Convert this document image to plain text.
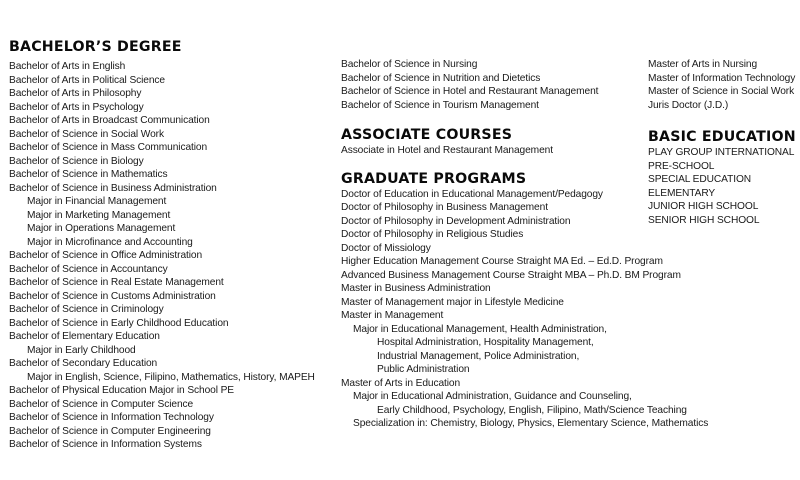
BACHELOR’S DEGREE
Bachelor of Arts in English
Bachelor of Arts in Political Science
Bachelor of Arts in Philosophy
Bachelor of Arts in Psychology
Bachelor of Arts in Broadcast Communication
Bachelor of Science in Social Work
Bachelor of Science in Mass Communication
Bachelor of Science in Biology
Bachelor of Science in Mathematics
Bachelor of Science in Business Administration
Major in Financial Management
Major in Marketing Management
Major in Operations Management
Major in Microfinance and Accounting
Bachelor of Science in Office Administration
Bachelor of Science in Accountancy
Bachelor of Science in Real Estate Management
Bachelor of Science in Customs Administration
Bachelor of Science in Criminology
Bachelor of Science in Early Childhood Education
Bachelor of Elementary Education
Major in Early Childhood
Bachelor of Secondary Education
Major in English, Science, Filipino, Mathematics, History, MAPEH
Bachelor of Physical Education Major in School PE
Bachelor of Science in Computer Science
Bachelor of Science in Information Technology
Bachelor of Science in Computer Engineering
Bachelor of Science in Information Systems
Bachelor of Science in Nursing
Bachelor of Science in Nutrition and Dietetics
Bachelor of Science in Hotel and Restaurant Management
Bachelor of Science in Tourism Management
ASSOCIATE COURSES
Associate in Hotel and Restaurant Management
GRADUATE PROGRAMS
Doctor of Education in Educational Management/Pedagogy
Doctor of Philosophy in Business Management
Doctor of Philosophy in Development Administration
Doctor of Philosophy in Religious Studies
Doctor of Missiology
Higher Education Management Course Straight MA Ed. – Ed.D. Program
Advanced Business Management Course Straight MBA – Ph.D. BM Program
Master in Business Administration
Master of Management major in Lifestyle Medicine
Master in Management
Major in Educational Management, Health Administration,
Hospital Administration, Hospitality Management,
Industrial Management, Police Administration,
Public Administration
Master of Arts in Education
Major in Educational Administration, Guidance and Counseling,
Early Childhood, Psychology, English, Filipino, Math/Science Teaching
Specialization in: Chemistry, Biology, Physics, Elementary Science, Mathematics
Master of Arts in Nursing
Master of Information Technology
Master of Science in Social Work
Juris Doctor (J.D.)
BASIC EDUCATION
PLAY GROUP INTERNATIONAL
PRE-SCHOOL
SPECIAL EDUCATION
ELEMENTARY
JUNIOR HIGH SCHOOL
SENIOR HIGH SCHOOL
